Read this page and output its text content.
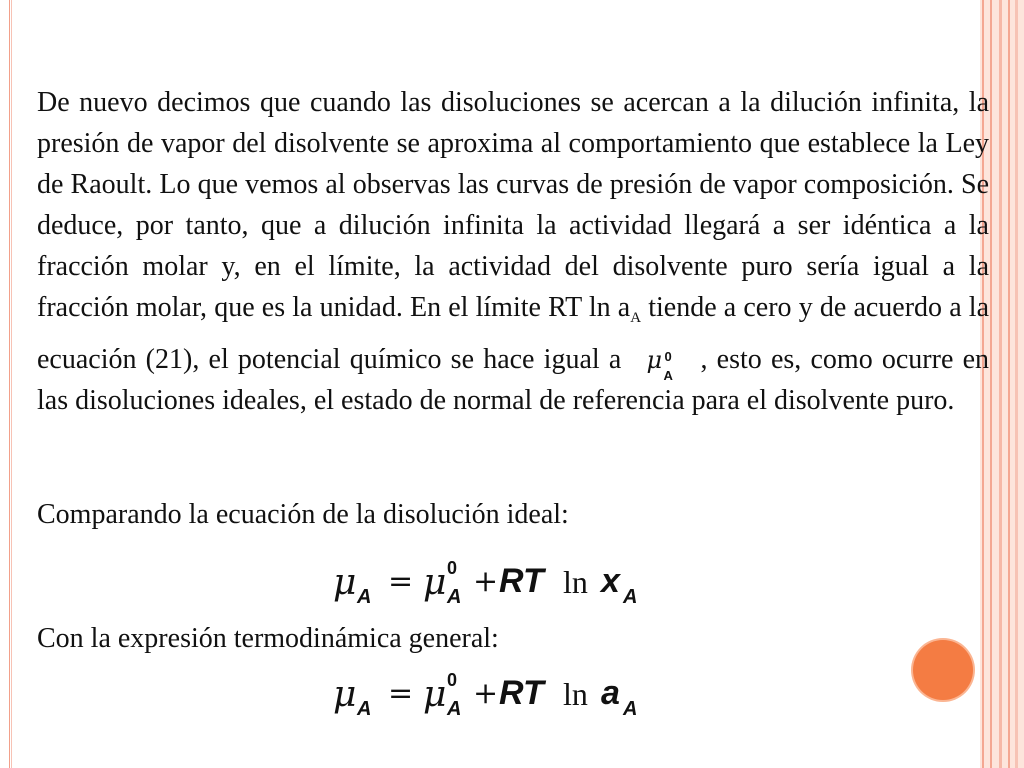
De nuevo decimos que cuando las disoluciones se acercan a la dilución infinita, la presión de vapor del disolvente se aproxima al comportamiento que establece la Ley de Raoult. Lo que vemos al observas las curvas de presión de vapor composición. Se deduce, por tanto, que a dilución infinita la actividad llegará a ser idéntica a la fracción molar y, en el límite, la actividad del disolvente puro sería igual a la fracción molar, que es la unidad. En el límite RT $\ln a_A$ tiende a cero y de acuerdo a la ecuación (21), el potencial químico se hace igual a μ 0
A
, esto es, como ocurre en las disoluciones ideales, el estado de normal de referencia para el disolvente puro.

Comparando la ecuación de la disolución ideal:

μ A = μ 0
A + RT ln x A

Con la expresión termodinámica general:

μ A = μ 0
A + RT ln a A
